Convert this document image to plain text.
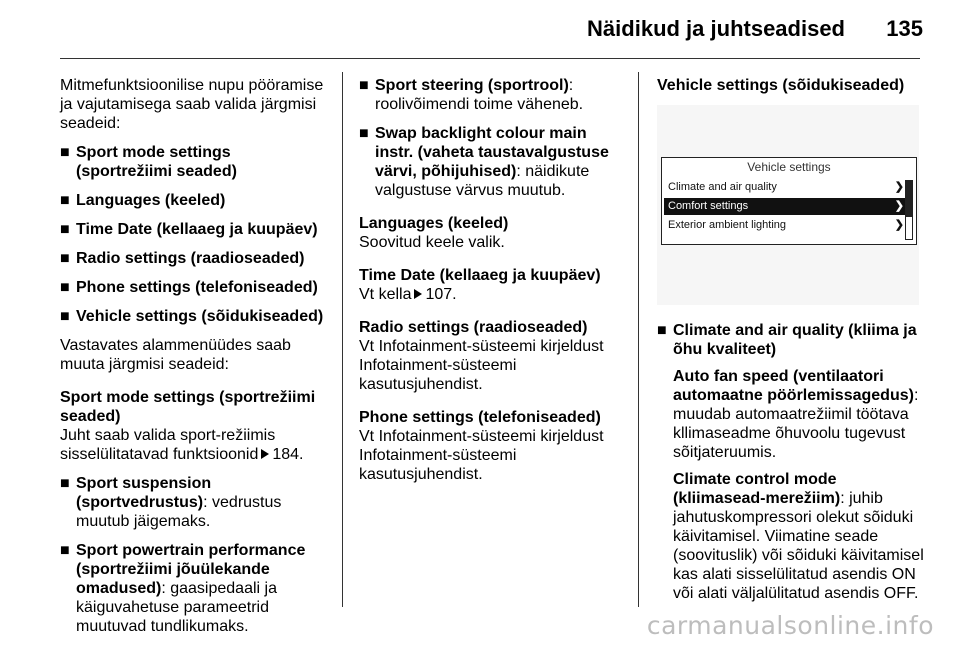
Näidikud ja juhtseadised 135

Mitmefunktsioonilise nupu pööramise ja vajutamisega saab valida järgmisi seadeid:

■ Sport mode settings (sportrežiimi seaded)
■ Languages (keeled)
■ Time Date (kellaaeg ja kuupäev)
■ Radio settings (raadioseaded)
■ Phone settings (telefoniseaded)
■ Vehicle settings (sõidukiseaded)

Vastavates alammenüüdes saab muuta järgmisi seadeid:

Sport mode settings (sportrežiimi seaded)
Juht saab valida sport-režiimis sisselülitatavad funktsioonid 184.
■ Sport suspension (sportvedrustus): vedrustus muutub jäigemaks.
■ Sport powertrain performance (sportrežiimi jõuülekande omadused): gaasipedaali ja käiguvahetuse parameetrid muutuvad tundlikumaks.
■ Sport steering (sportrool): roolivõimendi toime väheneb.
■ Swap backlight colour main instr. (vaheta taustavalgustuse värvi, põhijuhised): näidikute valgustuse värvus muutub.

Languages (keeled)
Soovitud keele valik.

Time Date (kellaaeg ja kuupäev)
Vt kella 107.

Radio settings (raadioseaded)
Vt Infotainment-süsteemi kirjeldust Infotainment-süsteemi kasutusjuhendist.

Phone settings (telefoniseaded)
Vt Infotainment-süsteemi kirjeldust Infotainment-süsteemi kasutusjuhendist.

Vehicle settings (sõidukiseaded)
Vehicle settings
Climate and air quality	❯
Comfort settings	❯
Exterior ambient lighting	❯
■ Climate and air quality (kliima ja õhu kvaliteet)
Auto fan speed (ventilaatori automaatne pöörlemissagedus): muudab automaatrežiimil töötava kllimaseadme õhuvoolu tugevust sõitjateruumis.
Climate control mode (kliimasead-merežiim): juhib jahutuskompressori olekut sõiduki käivitamisel. Viimatine seade (soovituslik) või sõiduki käivitamisel kas alati sisselülitatud asendis ON või alati väljalülitatud asendis OFF.
carmanualsonline.info
